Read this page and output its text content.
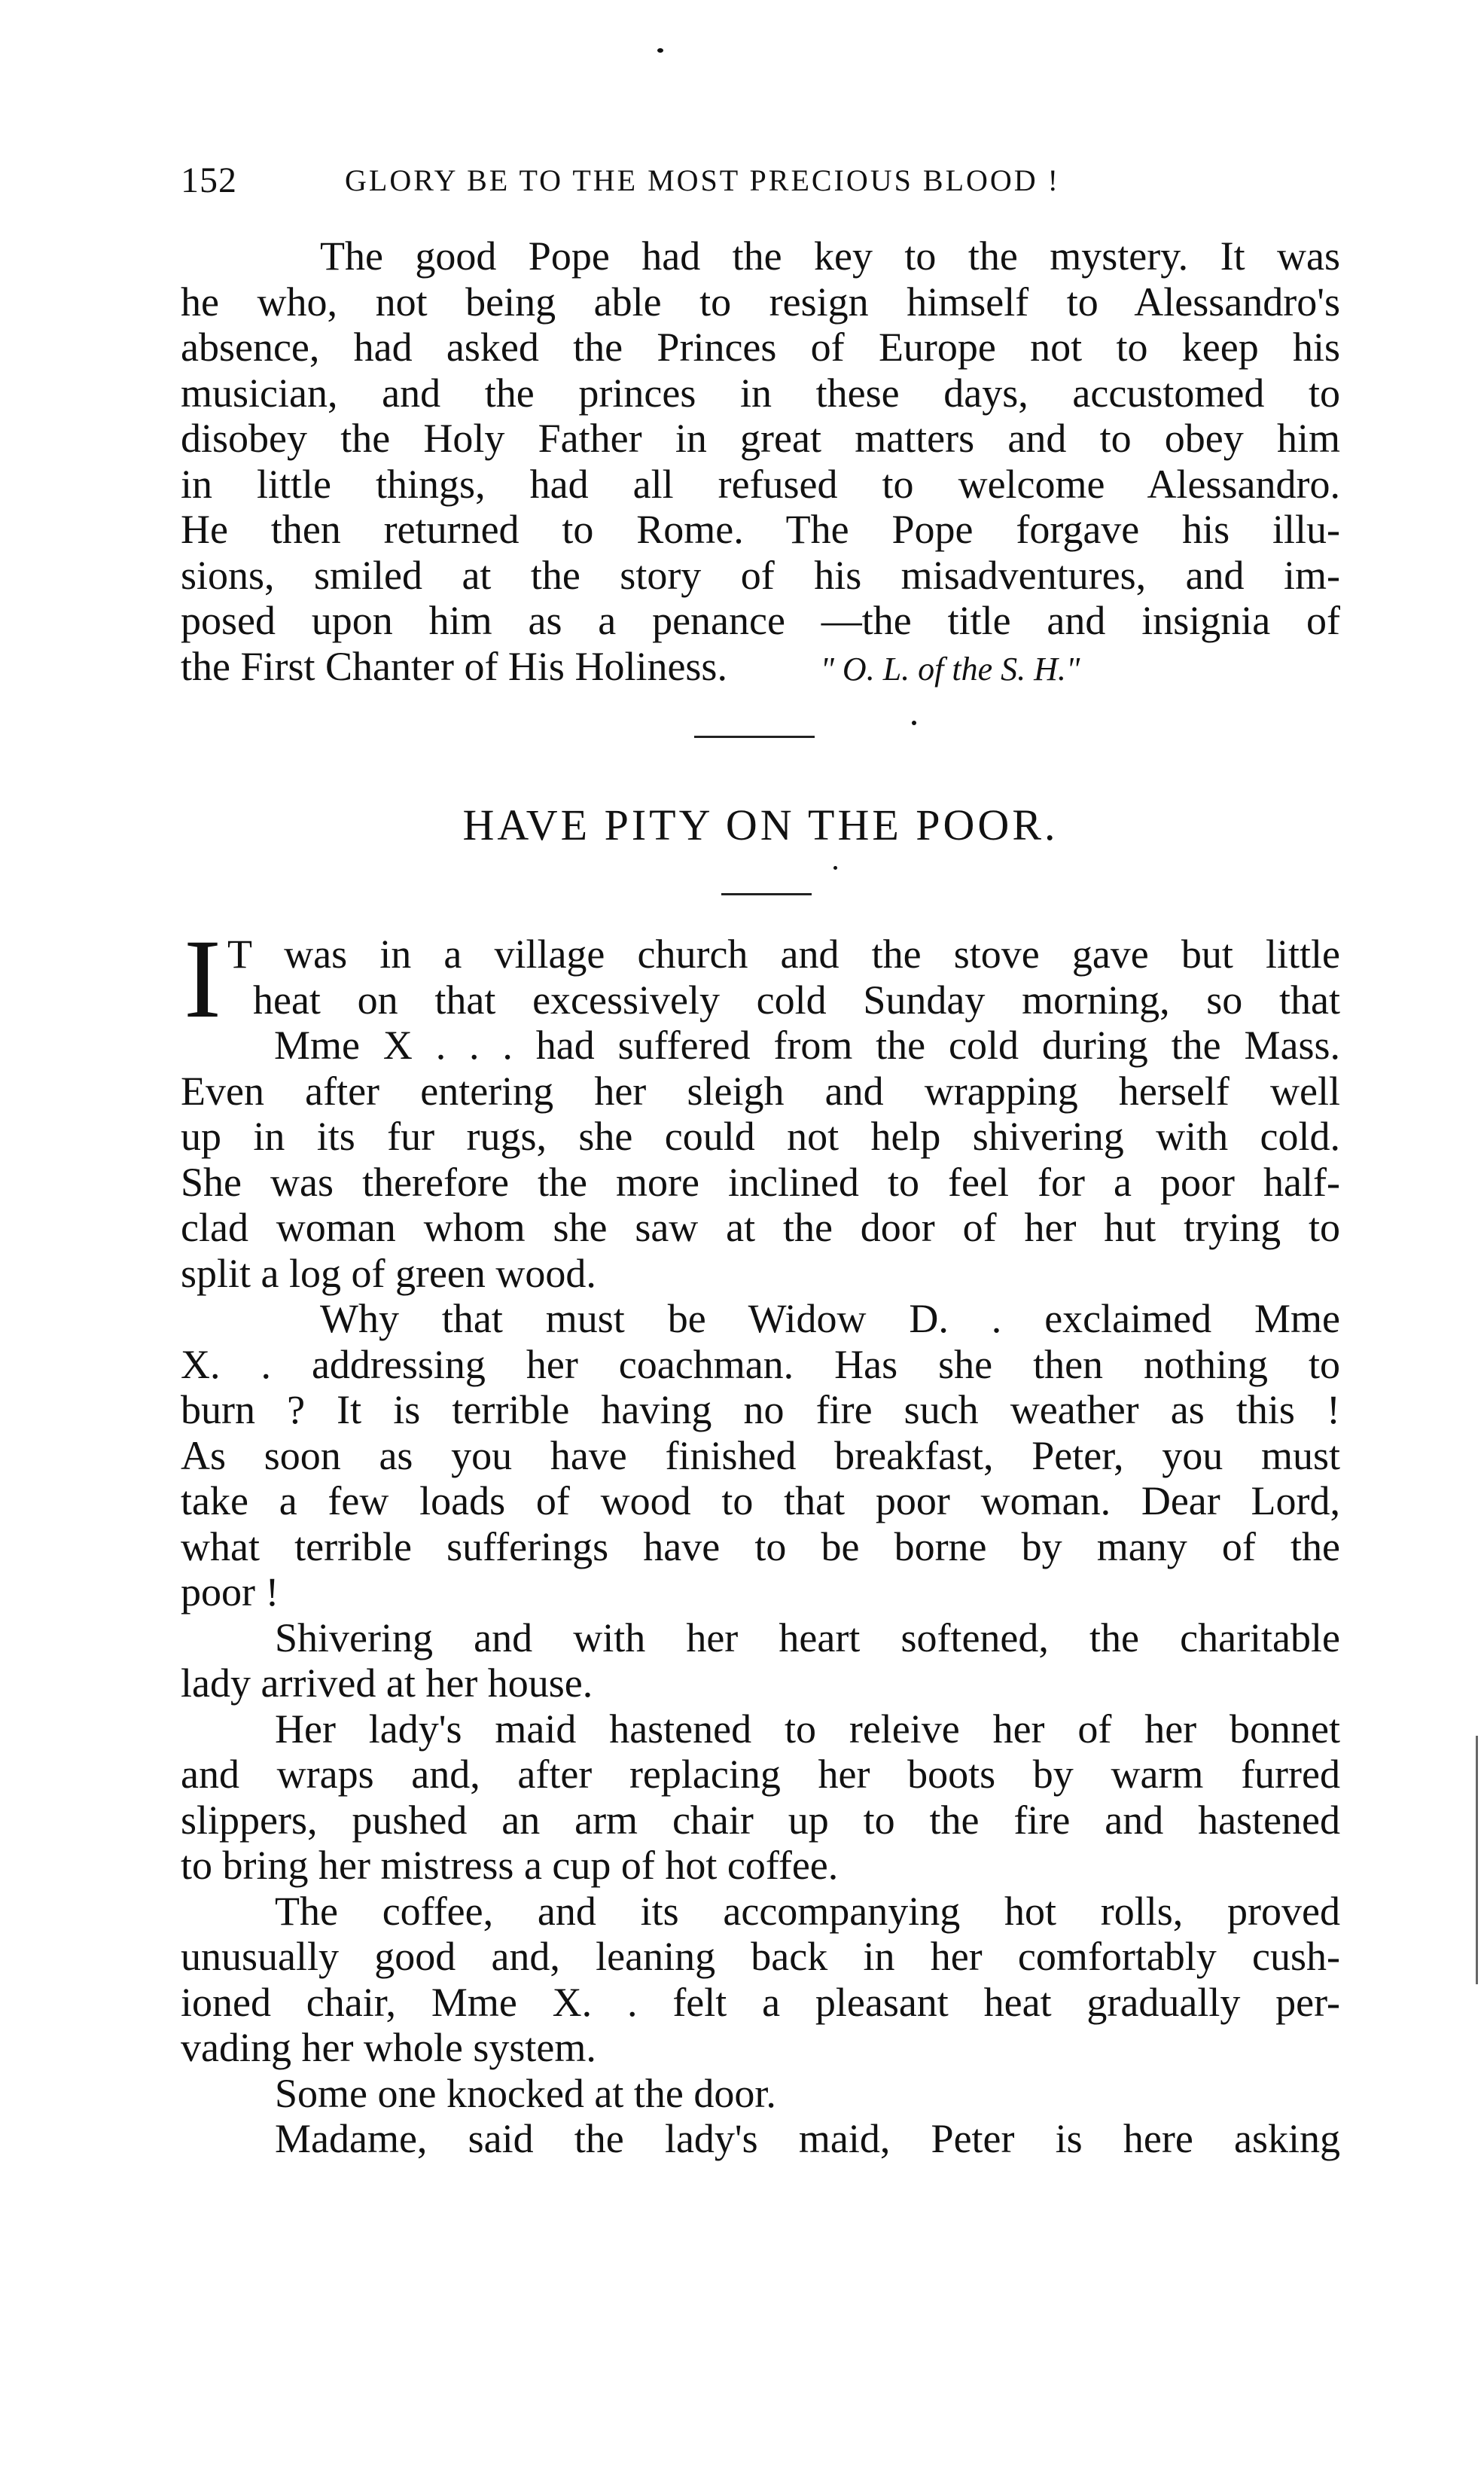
152	GLORY BE TO THE MOST PRECIOUS BLOOD !
The good Pope had the key to the mystery. It was
he who, not being able to resign himself to Alessandro's
absence, had asked the Princes of Europe not to keep his
musician, and the princes in these days, accustomed to
disobey the Holy Father in great matters and to obey him
in little things, had all refused to welcome Alessandro.
He then returned to Rome. The Pope forgave his illu-
sions, smiled at the story of his misadventures, and im-
posed upon him as a penance —the title and insignia of
the First Chanter of His Holiness.	" O. L. of the S. H."
HAVE PITY ON THE POOR.
I T was in a village church and the stove gave but little
heat on that excessively cold Sunday morning, so that
Mme X . . . had suffered from the cold during the Mass.
Even after entering her sleigh and wrapping herself well
up in its fur rugs, she could not help shivering with cold.
She was therefore the more inclined to feel for a poor half-
clad woman whom she saw at the door of her hut trying to
split a log of green wood.
Why that must be Widow D. . exclaimed Mme
X. . addressing her coachman. Has she then nothing to
burn ? It is terrible having no fire such weather as this !
As soon as you have finished breakfast, Peter, you must
take a few loads of wood to that poor woman. Dear Lord,
what terrible sufferings have to be borne by many of the
poor !
Shivering and with her heart softened, the charitable
lady arrived at her house.
Her lady's maid hastened to releive her of her bonnet
and wraps and, after replacing her boots by warm furred
slippers, pushed an arm chair up to the fire and hastened
to bring her mistress a cup of hot coffee.
The coffee, and its accompanying hot rolls, proved
unusually good and, leaning back in her comfortably cush-
ioned chair, Mme X. . felt a pleasant heat gradually per-
vading her whole system.
Some one knocked at the door.
Madame, said the lady's maid, Peter is here asking
